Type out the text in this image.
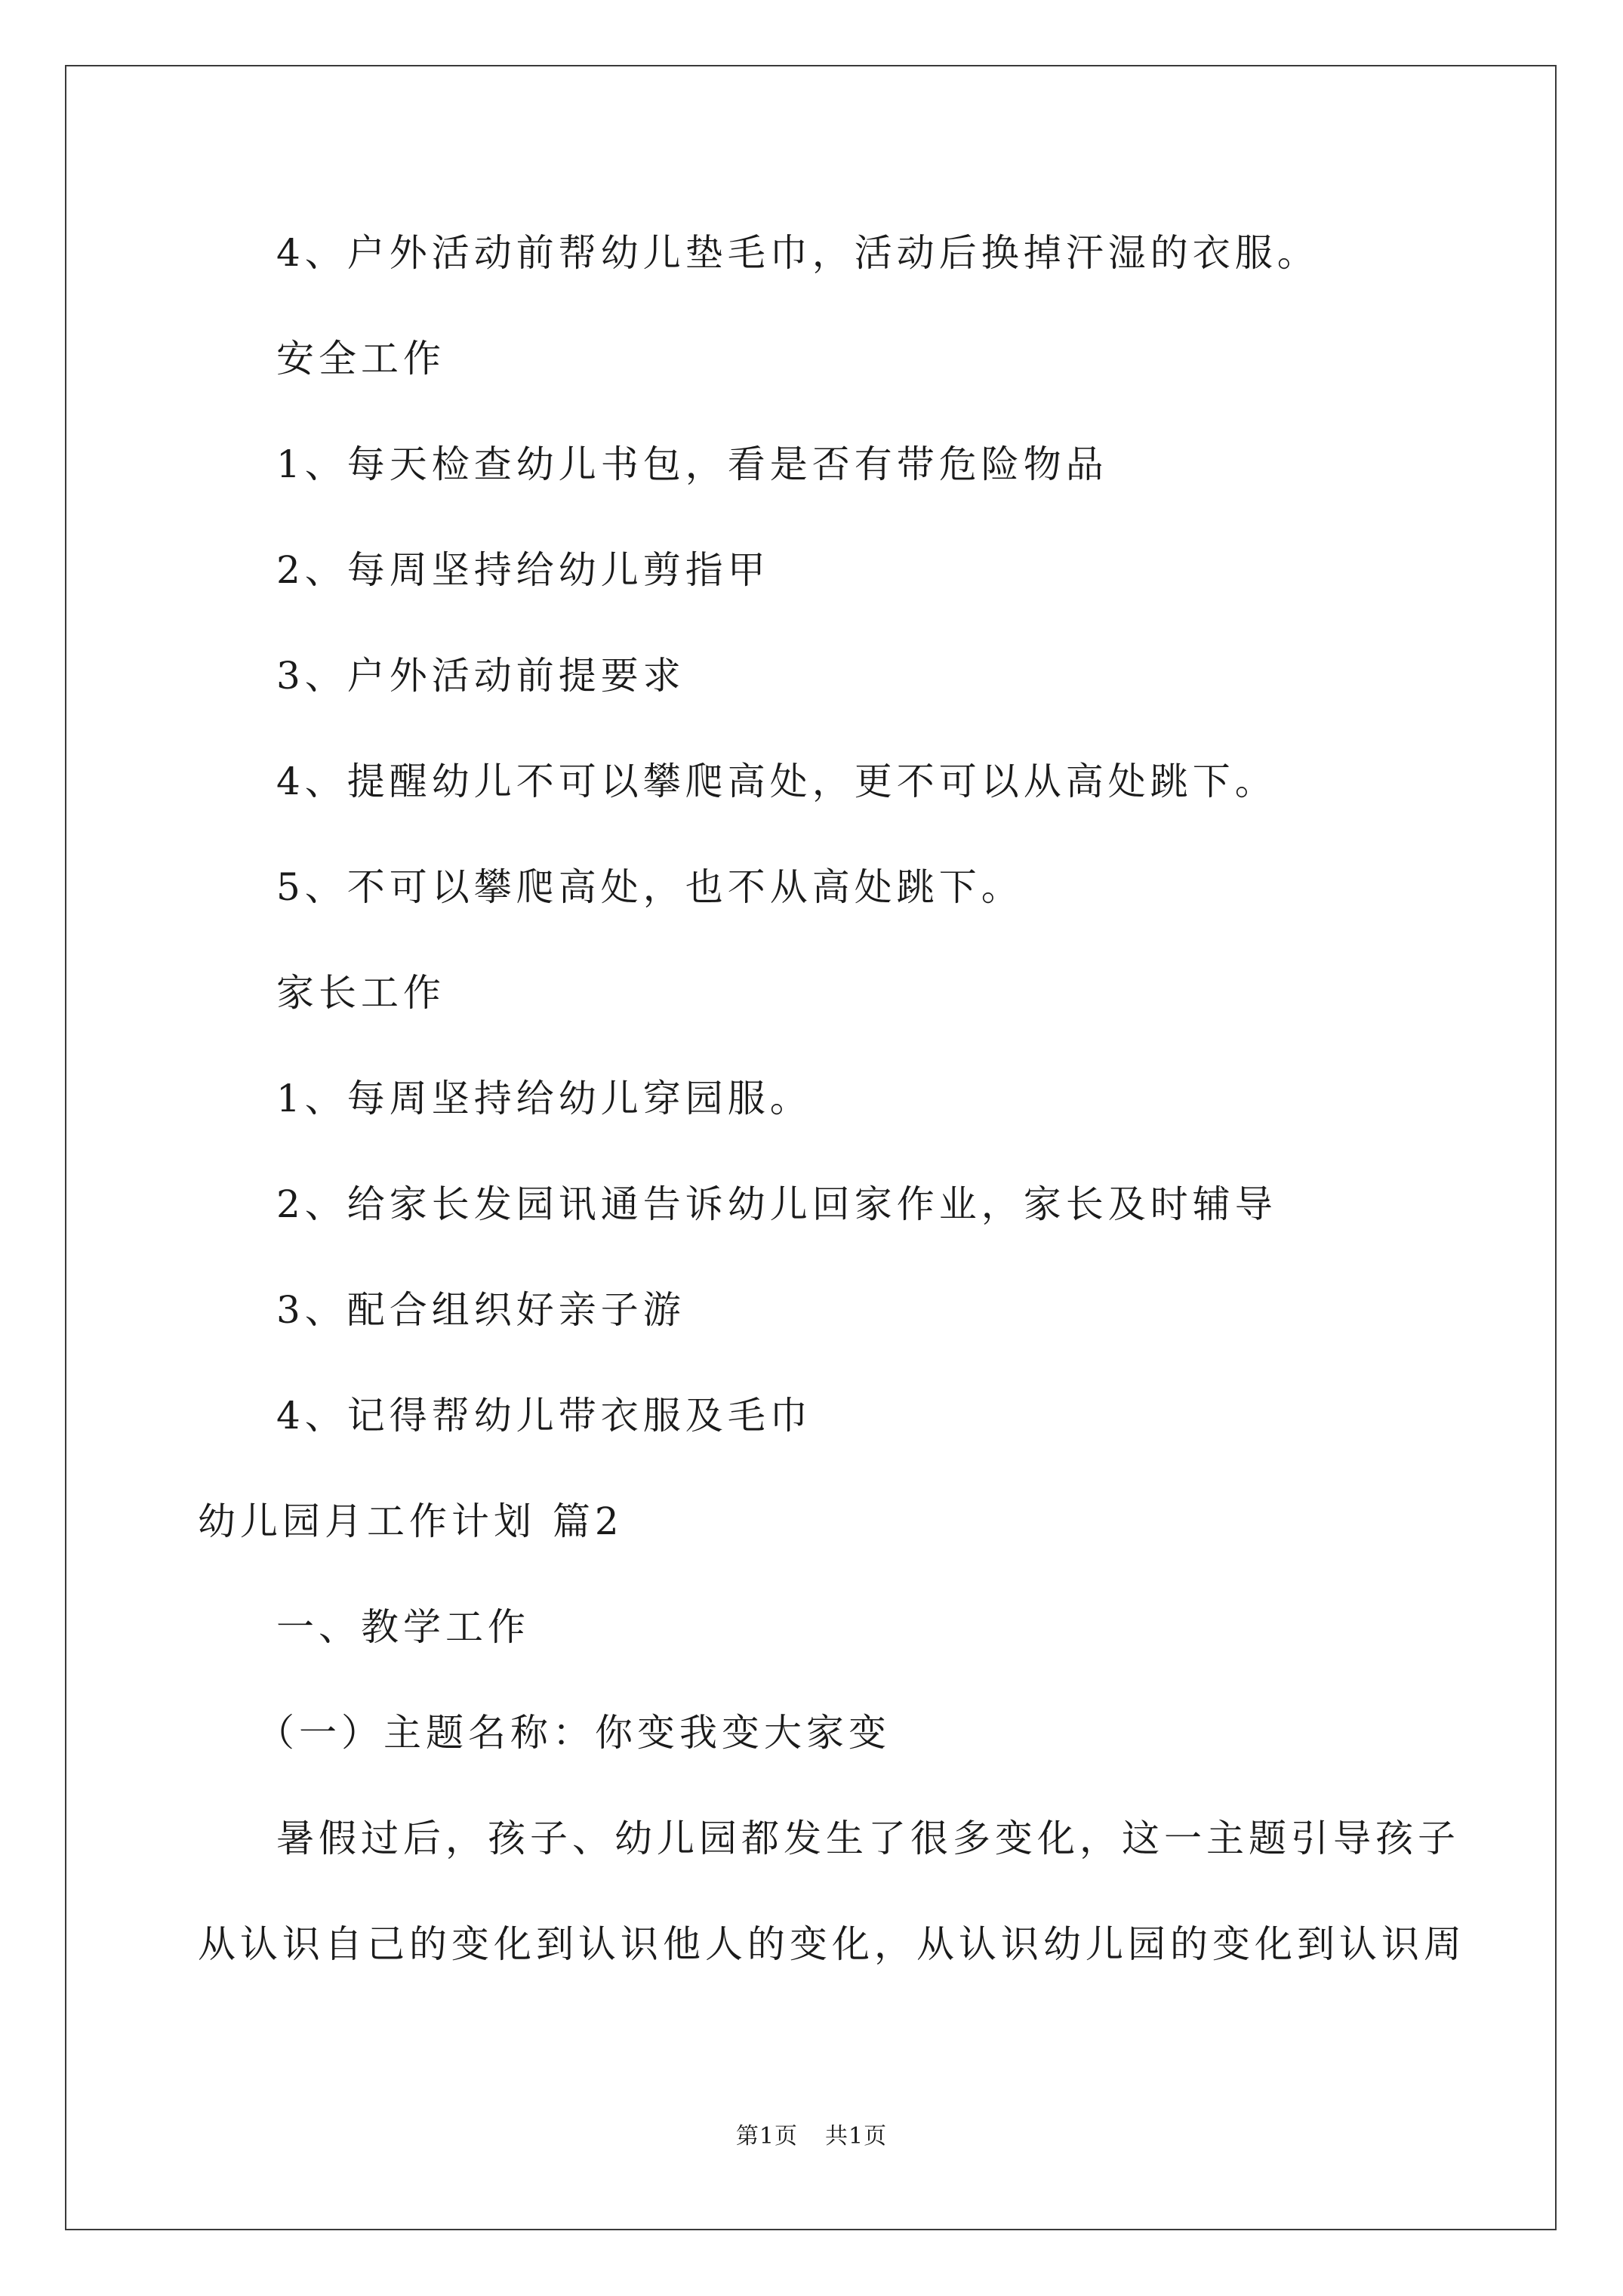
4、户外活动前帮幼儿垫毛巾，活动后换掉汗湿的衣服。
安全工作
1、每天检查幼儿书包，看是否有带危险物品
2、每周坚持给幼儿剪指甲
3、户外活动前提要求
4、提醒幼儿不可以攀爬高处，更不可以从高处跳下。
5、不可以攀爬高处，也不从高处跳下。
家长工作
1、每周坚持给幼儿穿园服。
2、给家长发园讯通告诉幼儿回家作业，家长及时辅导
3、配合组织好亲子游
4、记得帮幼儿带衣服及毛巾
幼儿园月工作计划 篇2
一、教学工作
（一）主题名称：你变我变大家变
暑假过后，孩子、幼儿园都发生了很多变化，这一主题引导孩子
从认识自己的变化到认识他人的变化，从认识幼儿园的变化到认识周
第1页 共1页
